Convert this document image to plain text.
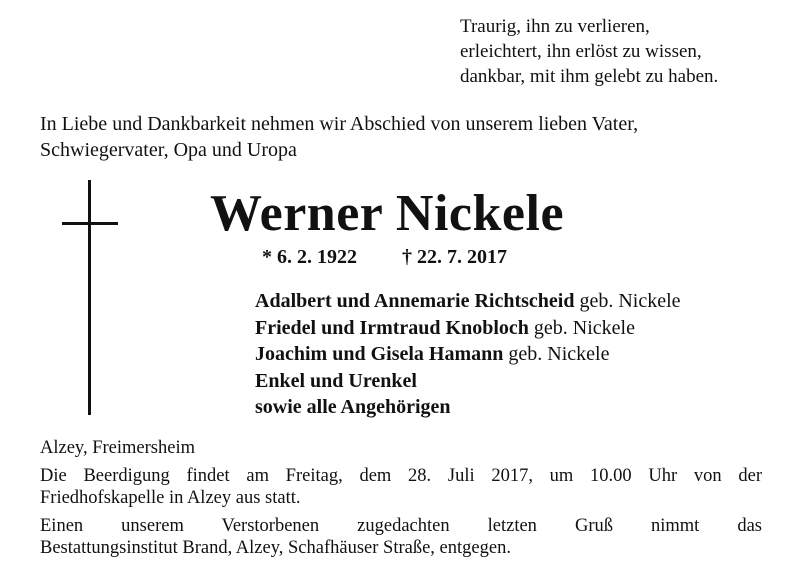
Traurig, ihn zu verlieren,
erleichtert, ihn erlöst zu wissen,
dankbar, mit ihm gelebt zu haben.
In Liebe und Dankbarkeit nehmen wir Abschied von unserem lieben Vater,
Schwiegervater, Opa und Uropa
Werner Nickele
* 6. 2. 1922 † 22. 7. 2017
Adalbert und Annemarie Richtscheid geb. Nickele
Friedel und Irmtraud Knobloch geb. Nickele
Joachim und Gisela Hamann geb. Nickele
Enkel und Urenkel
sowie alle Angehörigen
Alzey, Freimersheim
Die Beerdigung findet am Freitag, dem 28. Juli 2017, um 10.00 Uhr von der
Friedhofskapelle in Alzey aus statt.
Einen unserem Verstorbenen zugedachten letzten Gruß nimmt das
Bestattungsinstitut Brand, Alzey, Schafhäuser Straße, entgegen.
